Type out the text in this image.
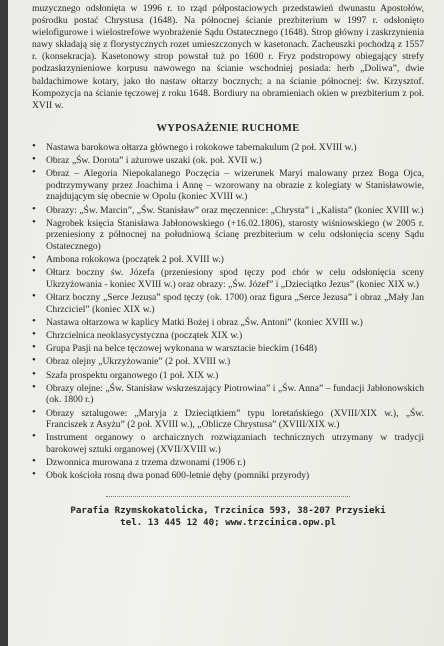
muzycznego odsłonięta w 1996 r. to rząd półpostaciowych przedstawień dwunastu Apostołów, pośrodku postać Chrystusa (1648). Na północnej ścianie prezbiterium w 1997 r. odsłonięto wielofigurowe i wielostrefowe wyobrażenie Sądu Ostatecznego (1648). Strop główny i zaskrzynienia nawy składają się z florystycznych rozet umieszczonych w kasetonach. Zacheuszki pochodzą z 1557 r. (konsekracja). Kasetonowy strop powstał tuż po 1600 r. Fryz podstropowy obiegający strefy podzaskrzynieniowe korpusu nawowego na ścianie wschodniej posiada: herb „Doliwa”, dwie baldachimowe kotary, jako tło nastaw ołtarzy bocznych; a na ścianie północnej: św. Krzysztof. Kompozycja na ścianie tęczowej z roku 1648. Bordiury na obramieniach okien w prezbiterium z poł. XVII w.

WYPOSAŻENIE RUCHOME
• Nastawa barokowa ołtarza głównego i rokokowe tabernakulum (2 poł. XVIII w.)
• Obraz „Św. Dorota” i ażurowe uszaki (ok. poł. XVII w.)
• Obraz – Alegoria Niepokalanego Poczęcia – wizerunek Maryi malowany przez Boga Ojca, podtrzymywany przez Joachima i Annę – wzorowany na obrazie z kolegiaty w Stanisławowie, znajdującym się obecnie w Opolu (koniec XVIII w.)
• Obrazy: „Św. Marcin”, „Św. Stanisław” oraz męczennice: „Chrysta” i „Kalista” (koniec XVIII w.)
• Nagrobek księcia Stanisława Jabłonowskiego (+16.02.1806), starosty wiśniowskiego (w 2005 r. przeniesiony z północnej na południową ścianę prezbiterium w celu odsłonięcia sceny Sądu Ostatecznego)
• Ambona rokokowa (początek 2 poł. XVIII w.)
• Ołtarz boczny św. Józefa (przeniesiony spod tęczy pod chór w celu odsłonięcia sceny Ukrzyżowania - koniec XVIII w.) oraz obrazy: „Św. Józef” i „Dzieciątko Jezus” (koniec XIX w.)
• Ołtarz boczny „Serce Jezusa” spod tęczy (ok. 1700) oraz figura „Serce Jezusa” i obraz „Mały Jan Chrzciciel” (koniec XIX w.)
• Nastawa ołtarzowa w kaplicy Matki Bożej i obraz „Św. Antoni” (koniec XVIII w.)
• Chrzcielnica neoklasycystyczna (początek XIX w.)
• Grupa Pasji na belce tęczowej wykonana w warsztacie bieckim (1648)
• Obraz olejny „Ukrzyżowanie” (2 poł. XVIII w.)
• Szafa prospektu organowego (1 poł. XIX w.)
• Obrazy olejne: „Św. Stanisław wskrzeszający Piotrowina” i „Św. Anna” – fundacji Jabłonowskich (ok. 1800 r.)
• Obrazy sztalugowe: „Maryja z Dzieciątkiem” typu loretańskiego (XVIII/XIX w.), „Św. Franciszek z Asyżu” (2 poł. XVIII w.), „Oblicze Chrystusa” (XVIII/XIX w.)
• Instrument organowy o archaicznych rozwiązaniach technicznych utrzymany w tradycji barokowej sztuki organowej (XVII/XVIII w.)
• Dzwonnica murowana z trzema dzwonami (1906 r.)
• Obok kościoła rosną dwa ponad 600-letnie dęby (pomniki przyrody)
Parafia Rzymskokatolicka, Trzcinica 593, 38-207 Przysieki
tel. 13 445 12 40; www.trzcinica.opw.pl
